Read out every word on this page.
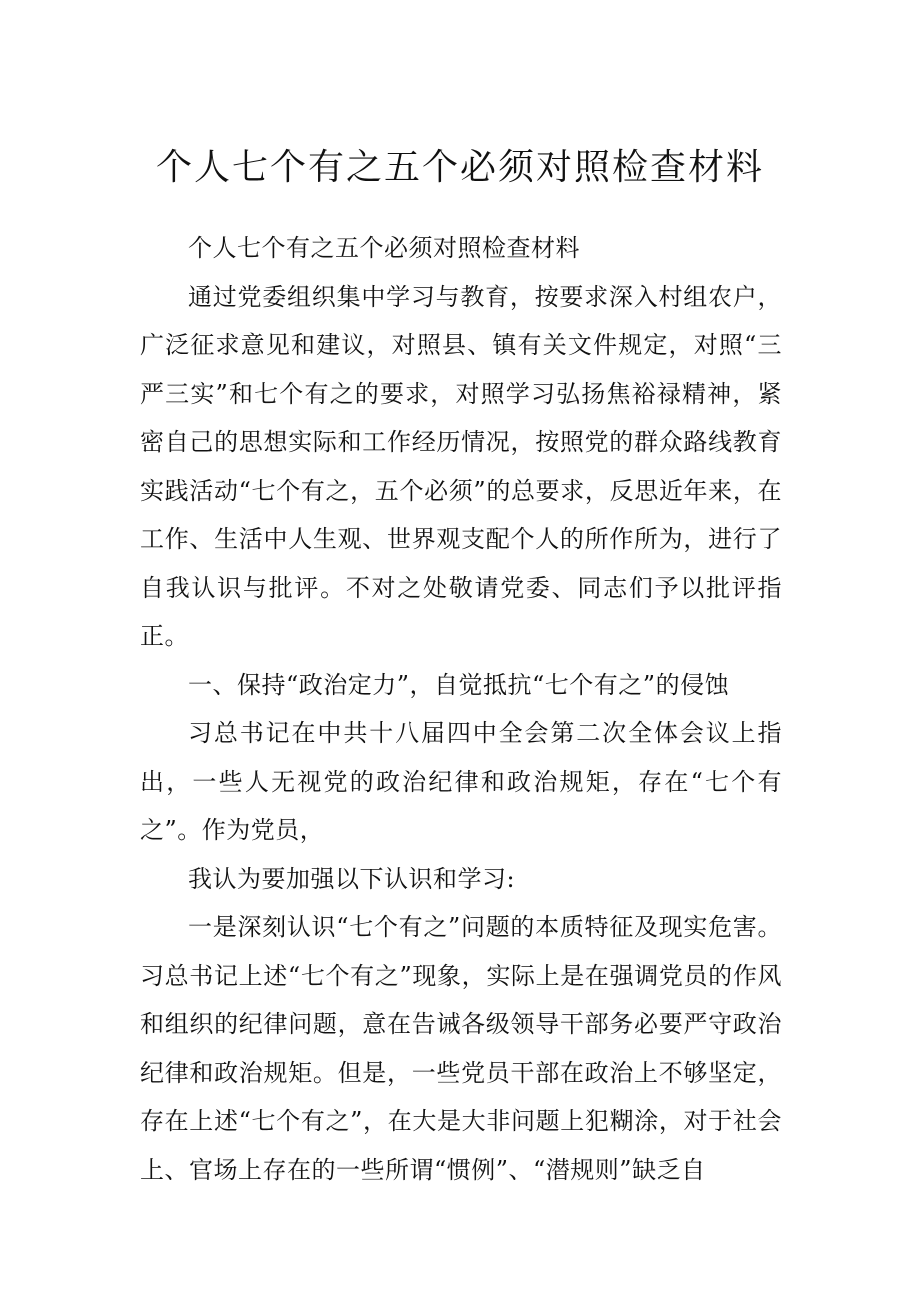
个人七个有之五个必须对照检查材料

个人七个有之五个必须对照检查材料

通过党委组织集中学习与教育，按要求深入村组农户，广泛征求意见和建议，对照县、镇有关文件规定，对照“三严三实”和七个有之的要求，对照学习弘扬焦裕禄精神，紧密自己的思想实际和工作经历情况，按照党的群众路线教育实践活动“七个有之，五个必须”的总要求，反思近年来，在工作、生活中人生观、世界观支配个人的所作所为，进行了自我认识与批评。不对之处敬请党委、同志们予以批评指正。

一、保持“政治定力”，自觉抵抗“七个有之”的侵蚀

习总书记在中共十八届四中全会第二次全体会议上指出，一些人无视党的政治纪律和政治规矩，存在“七个有之”。作为党员，

我认为要加强以下认识和学习:

一是深刻认识“七个有之”问题的本质特征及现实危害。习总书记上述“七个有之”现象，实际上是在强调党员的作风和组织的纪律问题，意在告诫各级领导干部务必要严守政治纪律和政治规矩。但是，一些党员干部在政治上不够坚定，存在上述“七个有之”，在大是大非问题上犯糊涂，对于社会上、官场上存在的一些所谓“惯例”、“潜规则”缺乏自
